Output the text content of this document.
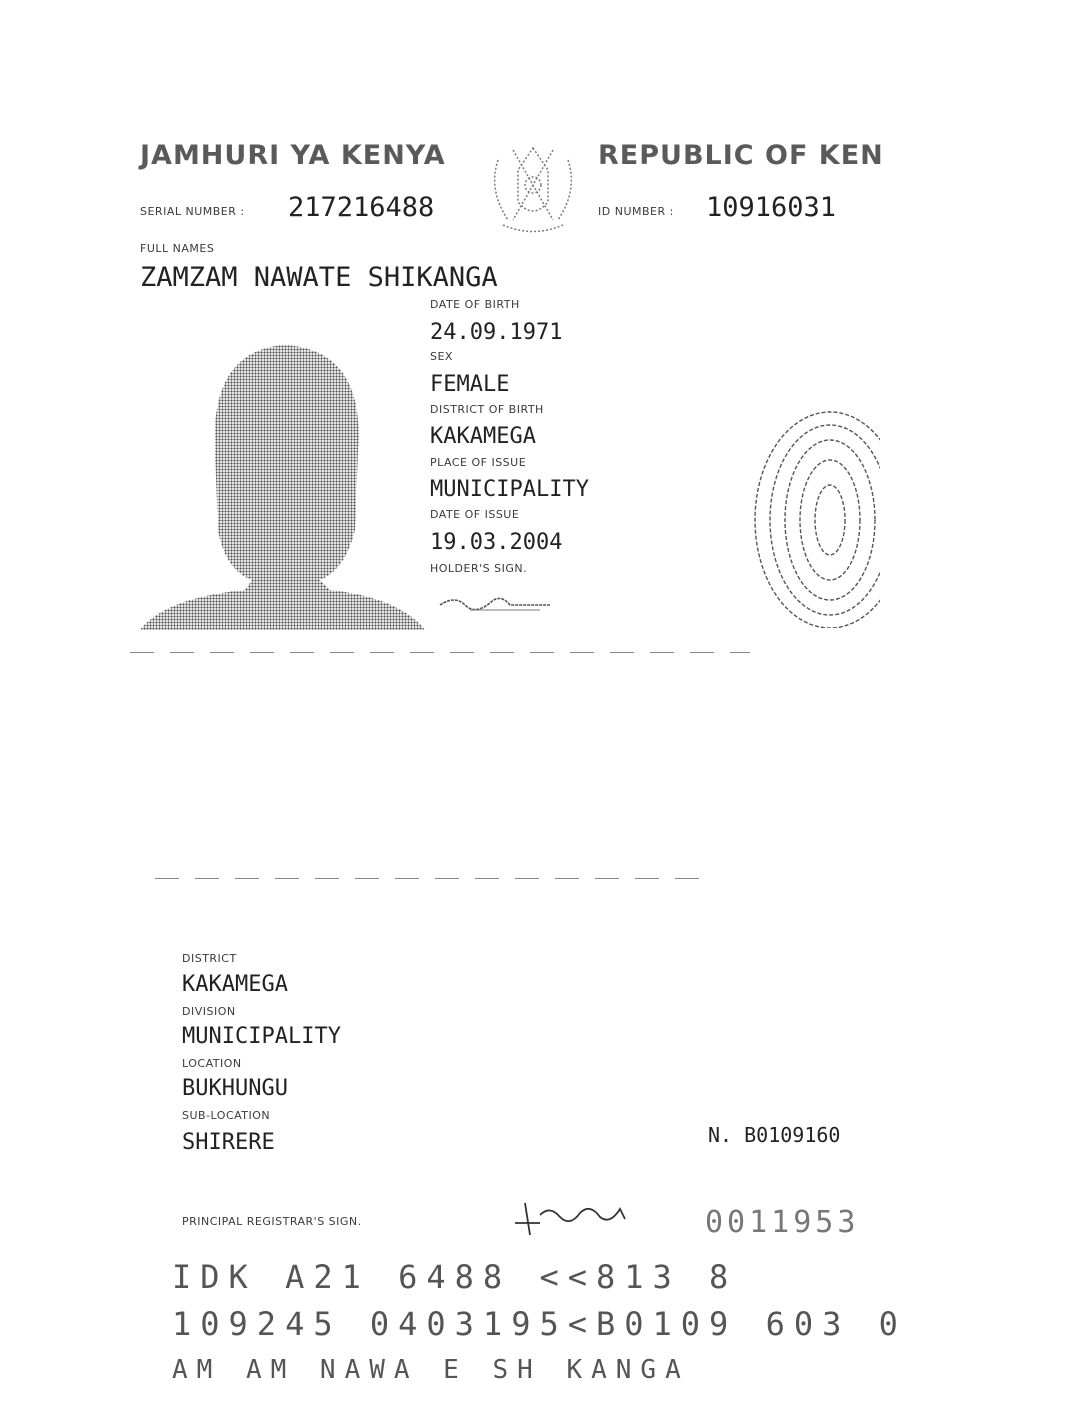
JAMHURI YA KENYA	REPUBLIC OF KEN
SERIAL NUMBER : 217216488	ID NUMBER : 10916031
FULL NAMES
ZAMZAM NAWATE SHIKANGA
DATE OF BIRTH
24.09.1971
SEX
FEMALE
DISTRICT OF BIRTH
KAKAMEGA
PLACE OF ISSUE
MUNICIPALITY
DATE OF ISSUE
19.03.2004
HOLDER'S SIGN.
DISTRICT
KAKAMEGA
DIVISION
MUNICIPALITY
LOCATION
BUKHUNGU
SUB-LOCATION
SHIRERE	N. B0109160
PRINCIPAL REGISTRAR'S SIGN.	0011953
IDK A21 6488 <<813 8
109245 0403195<B0109 603 0
AM AM NAWA E SH KANGA
